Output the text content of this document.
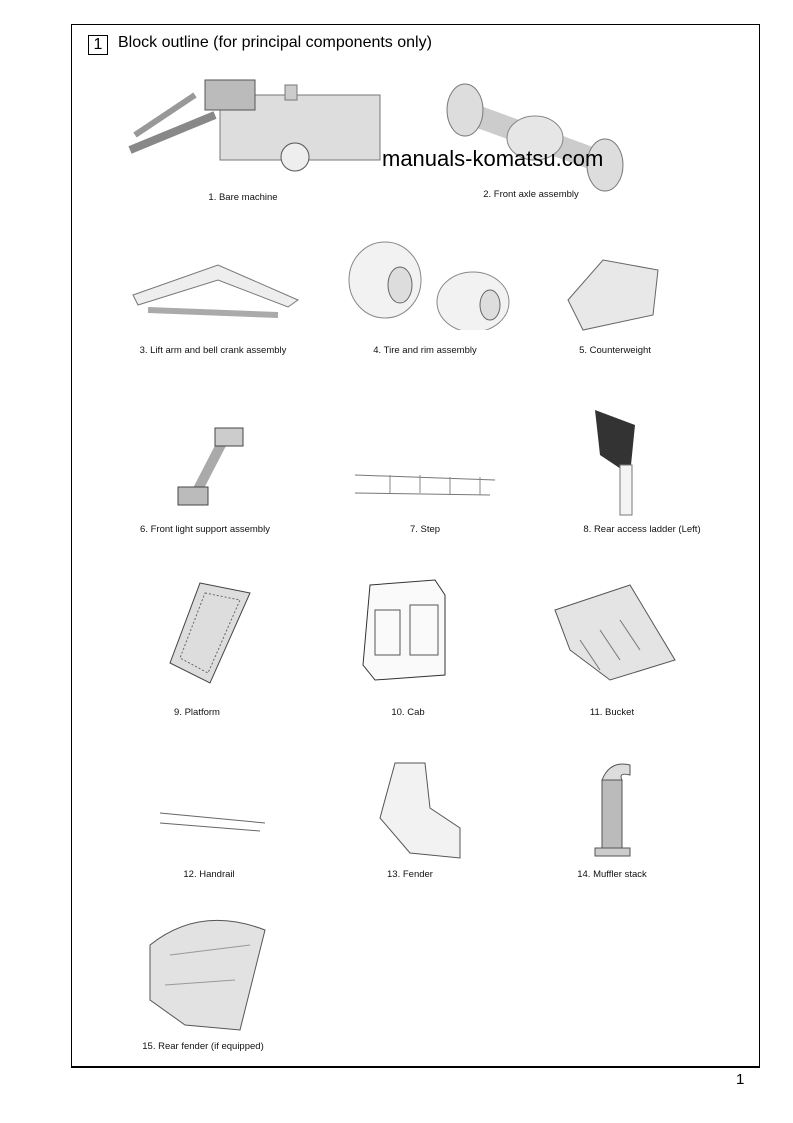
1 Block outline (for principal components only)
manuals-komatsu.com
1. Bare machine	2. Front axle assembly
3. Lift arm and bell crank assembly	4. Tire and rim assembly	5. Counterweight
6. Front light support assembly	7. Step	8. Rear access ladder (Left)
9. Platform	10. Cab	11. Bucket
12. Handrail	13. Fender	14. Muffler stack
15. Rear fender (if equipped)
1
